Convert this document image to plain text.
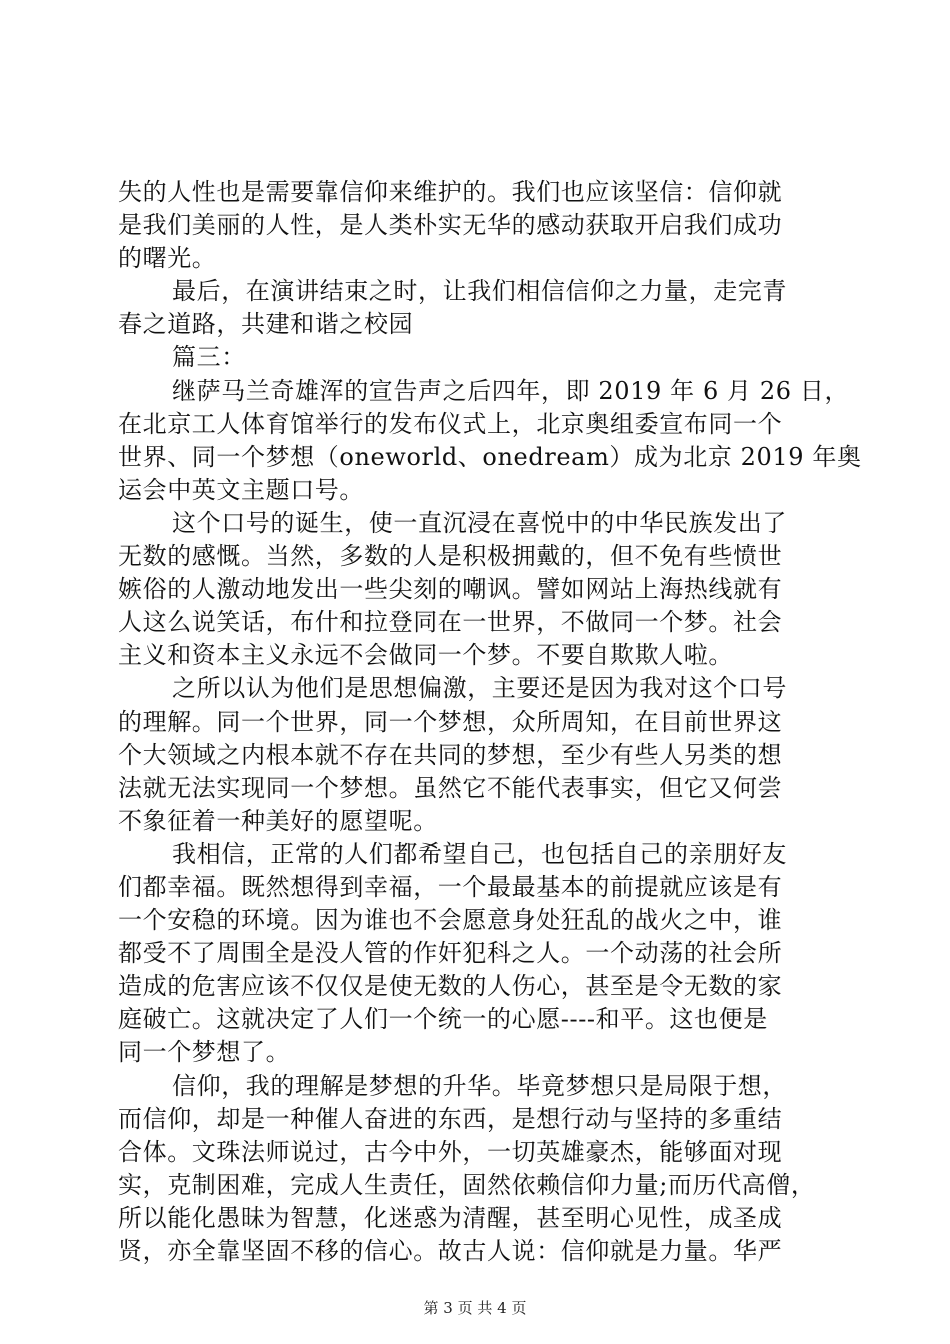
失的人性也是需要靠信仰来维护的。我们也应该坚信：信仰就
是我们美丽的人性，是人类朴实无华的感动获取开启我们成功
的曙光。
最后，在演讲结束之时，让我们相信信仰之力量，走完青
春之道路，共建和谐之校园
篇三：
继萨马兰奇雄浑的宣告声之后四年，即 2019 年 6 月 26 日，
在北京工人体育馆举行的发布仪式上，北京奥组委宣布同一个
世界、同一个梦想（oneworld、onedream）成为北京 2019 年奥
运会中英文主题口号。
这个口号的诞生，使一直沉浸在喜悦中的中华民族发出了
无数的感慨。当然，多数的人是积极拥戴的，但不免有些愤世
嫉俗的人激动地发出一些尖刻的嘲讽。譬如网站上海热线就有
人这么说笑话，布什和拉登同在一世界，不做同一个梦。社会
主义和资本主义永远不会做同一个梦。不要自欺欺人啦。
之所以认为他们是思想偏激，主要还是因为我对这个口号
的理解。同一个世界，同一个梦想，众所周知，在目前世界这
个大领域之内根本就不存在共同的梦想，至少有些人另类的想
法就无法实现同一个梦想。虽然它不能代表事实，但它又何尝
不象征着一种美好的愿望呢。
我相信，正常的人们都希望自己，也包括自己的亲朋好友
们都幸福。既然想得到幸福，一个最最基本的前提就应该是有
一个安稳的环境。因为谁也不会愿意身处狂乱的战火之中，谁
都受不了周围全是没人管的作奸犯科之人。一个动荡的社会所
造成的危害应该不仅仅是使无数的人伤心，甚至是令无数的家
庭破亡。这就决定了人们一个统一的心愿----和平。这也便是
同一个梦想了。
信仰，我的理解是梦想的升华。毕竟梦想只是局限于想，
而信仰，却是一种催人奋进的东西，是想行动与坚持的多重结
合体。文珠法师说过，古今中外，一切英雄豪杰，能够面对现
实，克制困难，完成人生责任，固然依赖信仰力量;而历代高僧，
所以能化愚昧为智慧，化迷惑为清醒，甚至明心见性，成圣成
贤，亦全靠坚固不移的信心。故古人说：信仰就是力量。华严
第 3 页 共 4 页
